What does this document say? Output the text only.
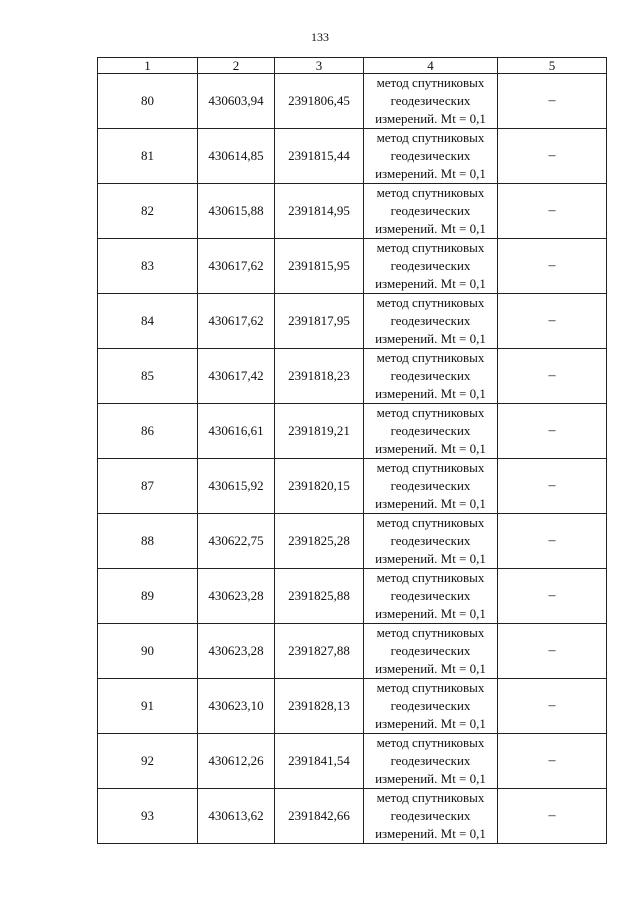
133
1	2	3	4	5
80	430603,94	2391806,45	метод спутниковых
геодезических
измерений. Mt = 0,1	–
81	430614,85	2391815,44	метод спутниковых
геодезических
измерений. Mt = 0,1	–
82	430615,88	2391814,95	метод спутниковых
геодезических
измерений. Mt = 0,1	–
83	430617,62	2391815,95	метод спутниковых
геодезических
измерений. Mt = 0,1	–
84	430617,62	2391817,95	метод спутниковых
геодезических
измерений. Mt = 0,1	–
85	430617,42	2391818,23	метод спутниковых
геодезических
измерений. Mt = 0,1	–
86	430616,61	2391819,21	метод спутниковых
геодезических
измерений. Mt = 0,1	–
87	430615,92	2391820,15	метод спутниковых
геодезических
измерений. Mt = 0,1	–
88	430622,75	2391825,28	метод спутниковых
геодезических
измерений. Mt = 0,1	–
89	430623,28	2391825,88	метод спутниковых
геодезических
измерений. Mt = 0,1	–
90	430623,28	2391827,88	метод спутниковых
геодезических
измерений. Mt = 0,1	–
91	430623,10	2391828,13	метод спутниковых
геодезических
измерений. Mt = 0,1	–
92	430612,26	2391841,54	метод спутниковых
геодезических
измерений. Mt = 0,1	–
93	430613,62	2391842,66	метод спутниковых
геодезических
измерений. Mt = 0,1	–
